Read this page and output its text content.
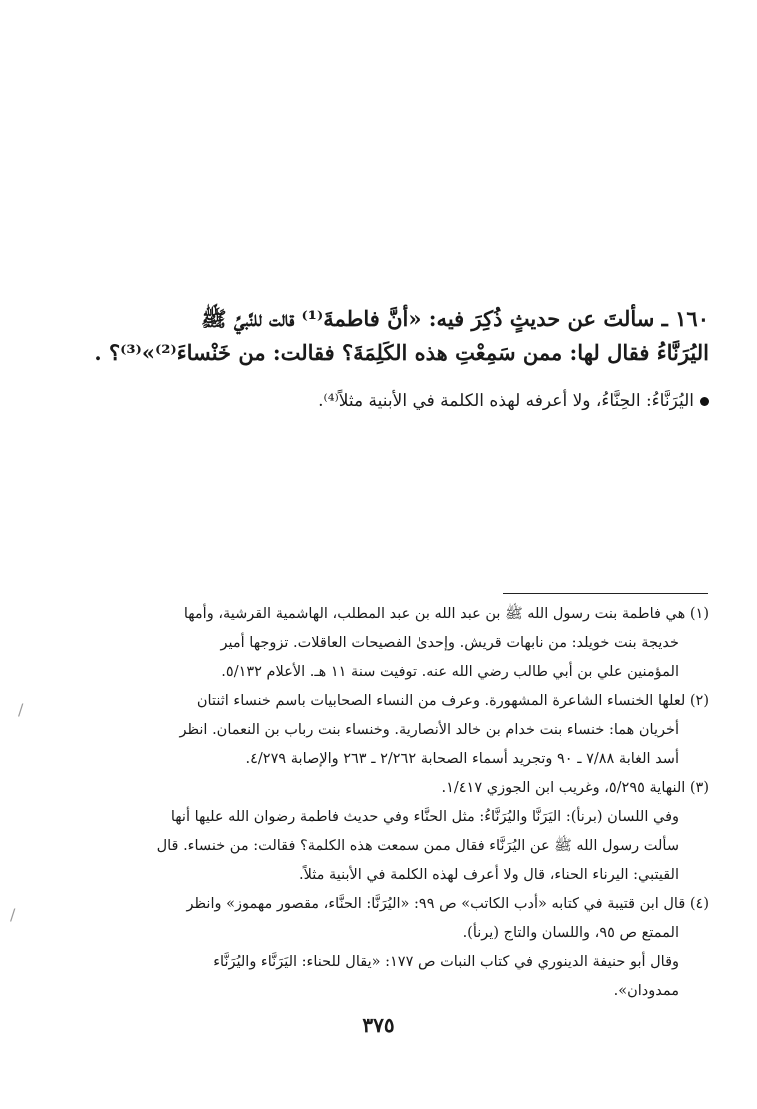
١٦٠ ـ سألتَ عن حديثٍ ذُكِرَ فيه: «أنَّ فاطمةَ⁽¹⁾ قالت للنَّبيِّ ﷺ
اليُرَنَّاءُ فقال لها: ممن سَمِعْتِ هذه الكَلِمَةَ؟ فقالت: من خَنْساءَ⁽²⁾»⁽³⁾؟ .
اليُرَنَّاءُ: الحِنَّاءُ، ولا أعرفه لهذه الكلمة في الأبنية مثلاً⁽⁴⁾.
(١) هي فاطمة بنت رسول الله ﷺ بن عبد الله بن عبد المطلب، الهاشمية القرشية، وأمها
خديجة بنت خويلد: من نابهات قريش. وإحدىٰ الفصيحات العاقلات. تزوجها أمير
المؤمنين علي بن أبي طالب رضي الله عنه. توفيت سنة ١١ هـ. الأعلام ٥/١٣٢.
(٢) لعلها الخنساء الشاعرة المشهورة. وعرف من النساء الصحابيات باسم خنساء اثنتان
أخريان هما: خنساء بنت خدام بن خالد الأنصارية. وخنساء بنت رباب بن النعمان. انظر
أسد الغابة ٧/٨٨ ـ ٩٠ وتجريد أسماء الصحابة ٢/٢٦٢ ـ ٢٦٣ والإصابة ٤/٢٧٩.
(٣) النهاية ٥/٢٩٥، وغريب ابن الجوزي ١/٤١٧.
وفي اللسان (برنأ): اليَرَنَّا واليُرَنَّاءُ: مثل الحنَّاء وفي حديث فاطمة رضوان الله عليها أنها
سألت رسول الله ﷺ عن اليُرَنَّاء فقال ممن سمعت هذه الكلمة؟ فقالت: من خنساء. قال
القيتبي: اليرناء الحناء، قال ولا أعرف لهذه الكلمة في الأبنية مثلاً.
(٤) قال ابن قتيبة في كتابه «أدب الكاتب» ص ٩٩: «اليُرَنَّا: الحنَّاء، مقصور مهموز» وانظر
الممتع ص ٩٥، واللسان والتاج (يرنأ).
وقال أبو حنيفة الدينوري في كتاب النبات ص ١٧٧: «يقال للحناء: اليَرَنَّاء واليُرَنَّاء
ممدودان».
/
/
٣٧٥
